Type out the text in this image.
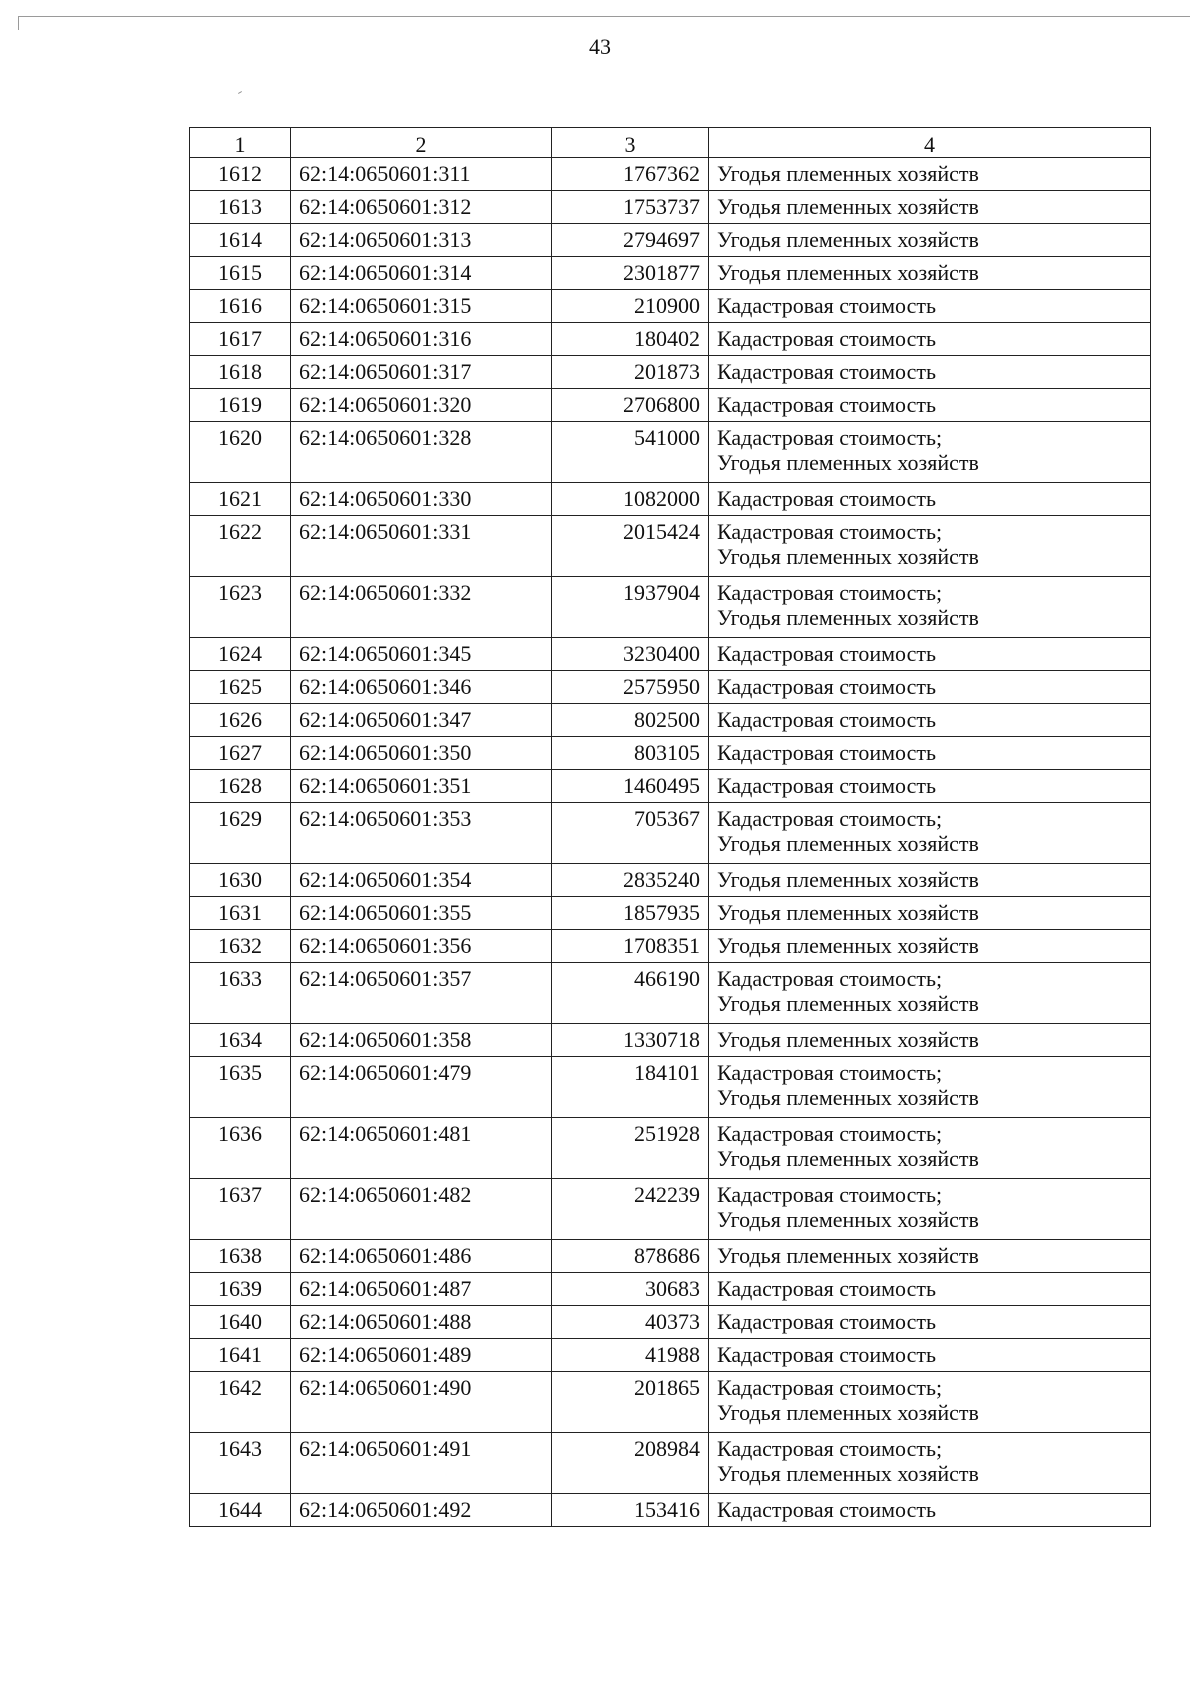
43
1	2	3	4
1612	62:14:0650601:311	1767362	Угодья племенных хозяйств
1613	62:14:0650601:312	1753737	Угодья племенных хозяйств
1614	62:14:0650601:313	2794697	Угодья племенных хозяйств
1615	62:14:0650601:314	2301877	Угодья племенных хозяйств
1616	62:14:0650601:315	210900	Кадастровая стоимость
1617	62:14:0650601:316	180402	Кадастровая стоимость
1618	62:14:0650601:317	201873	Кадастровая стоимость
1619	62:14:0650601:320	2706800	Кадастровая стоимость
1620	62:14:0650601:328	541000	Кадастровая стоимость;
Угодья племенных хозяйств
1621	62:14:0650601:330	1082000	Кадастровая стоимость
1622	62:14:0650601:331	2015424	Кадастровая стоимость;
Угодья племенных хозяйств
1623	62:14:0650601:332	1937904	Кадастровая стоимость;
Угодья племенных хозяйств
1624	62:14:0650601:345	3230400	Кадастровая стоимость
1625	62:14:0650601:346	2575950	Кадастровая стоимость
1626	62:14:0650601:347	802500	Кадастровая стоимость
1627	62:14:0650601:350	803105	Кадастровая стоимость
1628	62:14:0650601:351	1460495	Кадастровая стоимость
1629	62:14:0650601:353	705367	Кадастровая стоимость;
Угодья племенных хозяйств
1630	62:14:0650601:354	2835240	Угодья племенных хозяйств
1631	62:14:0650601:355	1857935	Угодья племенных хозяйств
1632	62:14:0650601:356	1708351	Угодья племенных хозяйств
1633	62:14:0650601:357	466190	Кадастровая стоимость;
Угодья племенных хозяйств
1634	62:14:0650601:358	1330718	Угодья племенных хозяйств
1635	62:14:0650601:479	184101	Кадастровая стоимость;
Угодья племенных хозяйств
1636	62:14:0650601:481	251928	Кадастровая стоимость;
Угодья племенных хозяйств
1637	62:14:0650601:482	242239	Кадастровая стоимость;
Угодья племенных хозяйств
1638	62:14:0650601:486	878686	Угодья племенных хозяйств
1639	62:14:0650601:487	30683	Кадастровая стоимость
1640	62:14:0650601:488	40373	Кадастровая стоимость
1641	62:14:0650601:489	41988	Кадастровая стоимость
1642	62:14:0650601:490	201865	Кадастровая стоимость;
Угодья племенных хозяйств
1643	62:14:0650601:491	208984	Кадастровая стоимость;
Угодья племенных хозяйств
1644	62:14:0650601:492	153416	Кадастровая стоимость
